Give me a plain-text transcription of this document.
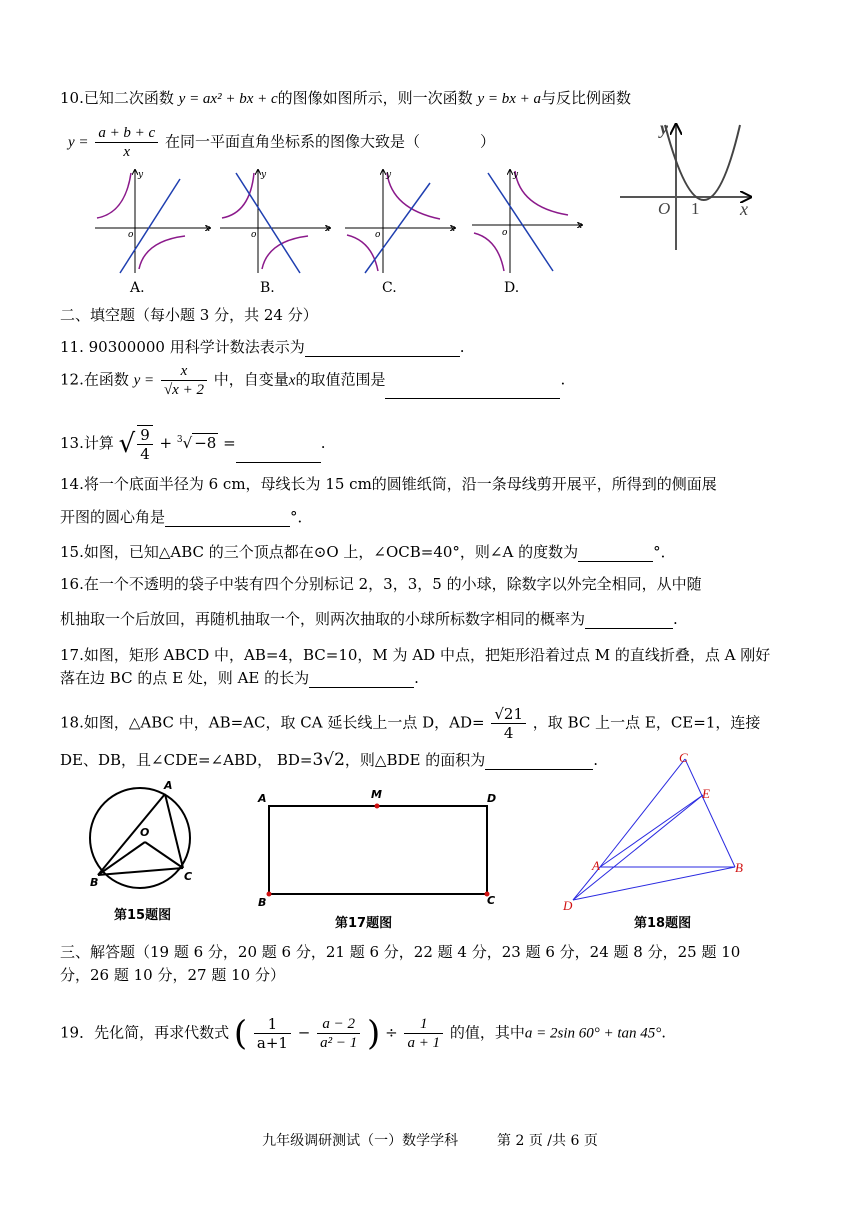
10.已知二次函数 y = ax² + bx + c的图像如图所示，则一次函数 y = bx + a与反比例函数
$y = \frac{a + b + c}{x}$ 在同一平面直角坐标系的图像大致是（　　　　）
o
y
x
o
y
x
o
y
x	o
y
x
y
O 1 x
A.	B.	C.	D.
二、填空题（每小题 3 分，共 24 分）
11. 90300000 用科学计数法表示为	.
12.在函数 $y = \frac{x}{√x + 2}$ 中，自变量x的取值范围是	.
13.计算 √ $\frac{9}{4} + ^3√ -8$ =	.
14.将一个底面半径为 6 cm，母线长为 15 cm的圆锥纸筒，沿一条母线剪开展平，所得到的侧面展
开图的圆心角是	°．
15.如图，已知△ABC 的三个顶点都在⊙O 上，∠OCB=40°，则∠A 的度数为	°．
16.在一个不透明的袋子中装有四个分别标记 2，3，3，5 的小球，除数字以外完全相同，从中随
机抽取一个后放回，再随机抽取一个，则两次抽取的小球所标数字相同的概率为	.
17.如图，矩形 ABCD 中，AB=4，BC=10，M 为 AD 中点，把矩形沿着过点 M 的直线折叠，点 A 刚好
落在边 BC 的点 E 处，则 AE 的长为	.
18.如图，△ABC 中，AB=AC，取 CA 延长线上一点 D，$AD= \frac{√21}{4}$ ，取 BC 上一点 E，CE=1，连接
DE、DB，且∠CDE=∠ABD， BD=3√2，则△BDE 的面积为	.
A
O
B	C
第15题图
A	M	D
B	C
第17题图
C
E
A	B
D
第18题图
三、解答题（19 题 6 分，20 题 6 分，21 题 6 分，22 题 4 分，23 题 6 分，24 题 8 分，25 题 10
分，26 题 10 分，27 题 10 分）
19．先化简，再求代数式 ( $\frac{1}{a+1} - \frac{a - 2}{\text{a² − 1}}$ ) ÷ $\frac{1}{a + 1}$ 的值，其中a = 2sin 60° + tan 45°.
九年级调研测试（一）数学学科	第 2 页 /共 6 页
